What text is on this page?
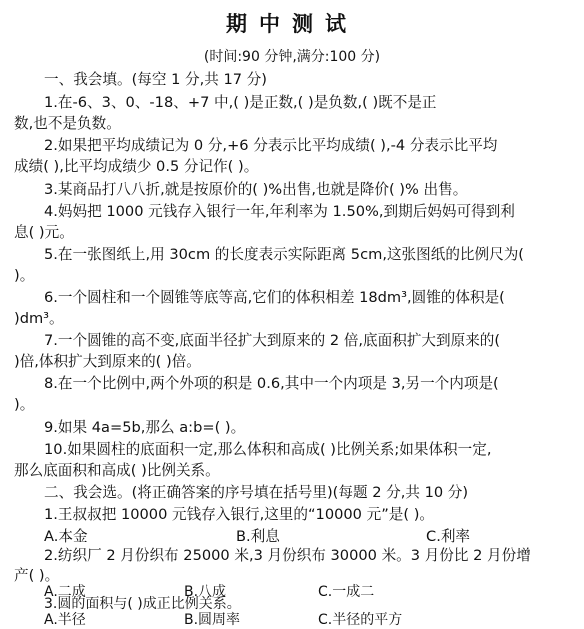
期中测试
(时间:90 分钟,满分:100 分)
一、我会填。(每空 1 分,共 17 分)
1.在-6、3、0、-18、+7 中,( )是正数,( )是负数,( )既不是正
数,也不是负数。
2.如果把平均成绩记为 0 分,+6 分表示比平均成绩( ),-4 分表示比平均
成绩( ),比平均成绩少 0.5 分记作( )。
3.某商品打八八折,就是按原价的( )%出售,也就是降价( )% 出售。
4.妈妈把 1000 元钱存入银行一年,年利率为 1.50%,到期后妈妈可得到利
息( )元。
5.在一张图纸上,用 30cm 的长度表示实际距离 5cm,这张图纸的比例尺为(
)。
6.一个圆柱和一个圆锥等底等高,它们的体积相差 18dm³,圆锥的体积是(
)dm³。
7.一个圆锥的高不变,底面半径扩大到原来的 2 倍,底面积扩大到原来的(
)倍,体积扩大到原来的( )倍。
8.在一个比例中,两个外项的积是 0.6,其中一个内项是 3,另一个内项是(
)。
9.如果 4a=5b,那么 a:b=( )。
10.如果圆柱的底面积一定,那么体积和高成( )比例关系;如果体积一定,
那么底面积和高成( )比例关系。
二、我会选。(将正确答案的序号填在括号里)(每题 2 分,共 10 分)
1.王叔叔把 10000 元钱存入银行,这里的“10000 元”是( )。
A.本金	B.利息	C.利率
2.纺织厂 2 月份织布 25000 米,3 月份织布 30000 米。3 月份比 2 月份增
产( )。
A.二成	B.八成	C.一成二
3.圆的面积与( )成正比例关系。
A.半径	B.圆周率	C.半径的平方
